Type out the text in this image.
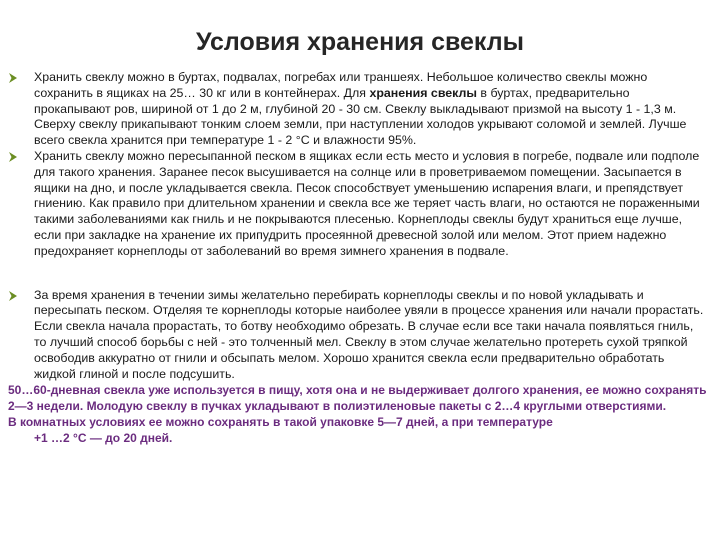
Условия хранения свеклы
Хранить свеклу можно в буртах, подвалах, погребах или траншеях. Небольшое количество свеклы можно сохранить в ящиках на 25… 30 кг или в контейнерах. Для хранения свеклы в буртах, предварительно прокапывают ров, шириной от 1 до 2 м, глубиной 20 - 30 см. Свеклу выкладывают призмой на высоту 1 - 1,3 м. Сверху свеклу прикапывают тонким слоем земли, при наступлении холодов укрывают соломой и землей. Лучше всего свекла хранится при температуре 1 - 2 °С и влажности 95%.
Хранить свеклу можно пересыпанной песком в ящиках если есть место и условия в погребе, подвале или подполе для такого хранения. Заранее песок высушивается на солнце или в проветриваемом помещении. Засыпается в ящики на дно, и после укладывается свекла. Песок способствует уменьшению испарения влаги, и препядствует гниению. Как правило при длительном хранении и свекла все же теряет часть влаги, но остаются не пораженными такими заболеваниями как гниль и не покрываются плесенью. Корнеплоды свеклы будут храниться еще лучше, если при закладке на хранение их припудрить просеянной древесной золой или мелом. Этот прием надежно предохраняет корнеплоды от заболеваний во время зимнего хранения в подвале.
За время хранения в течении зимы желательно перебирать корнеплоды свеклы и по новой укладывать и пересыпать песком. Отделяя те корнеплоды которые наиболее увяли в процессе хранения или начали прорастать. Если свекла начала прорастать, то ботву необходимо обрезать. В случае если все таки начала появляться гниль, то лучший способ борьбы с ней - это толченный мел. Свеклу в этом случае желательно протереть сухой тряпкой освободив аккуратно от гнили и обсыпать мелом. Хорошо хранится свекла если предварительно обработать жидкой глиной и после подсушить.
50…60-дневная свекла уже используется в пищу, хотя она и не выдерживает долгого хранения, ее можно сохранять 2—3 недели. Молодую свеклу в пучках укладывают в полиэтиленовые пакеты с 2…4 круглыми отверстиями.
В комнатных условиях ее можно сохранять в такой упаковке 5—7 дней, а при температуре
+1 …2 °С — до 20 дней.
